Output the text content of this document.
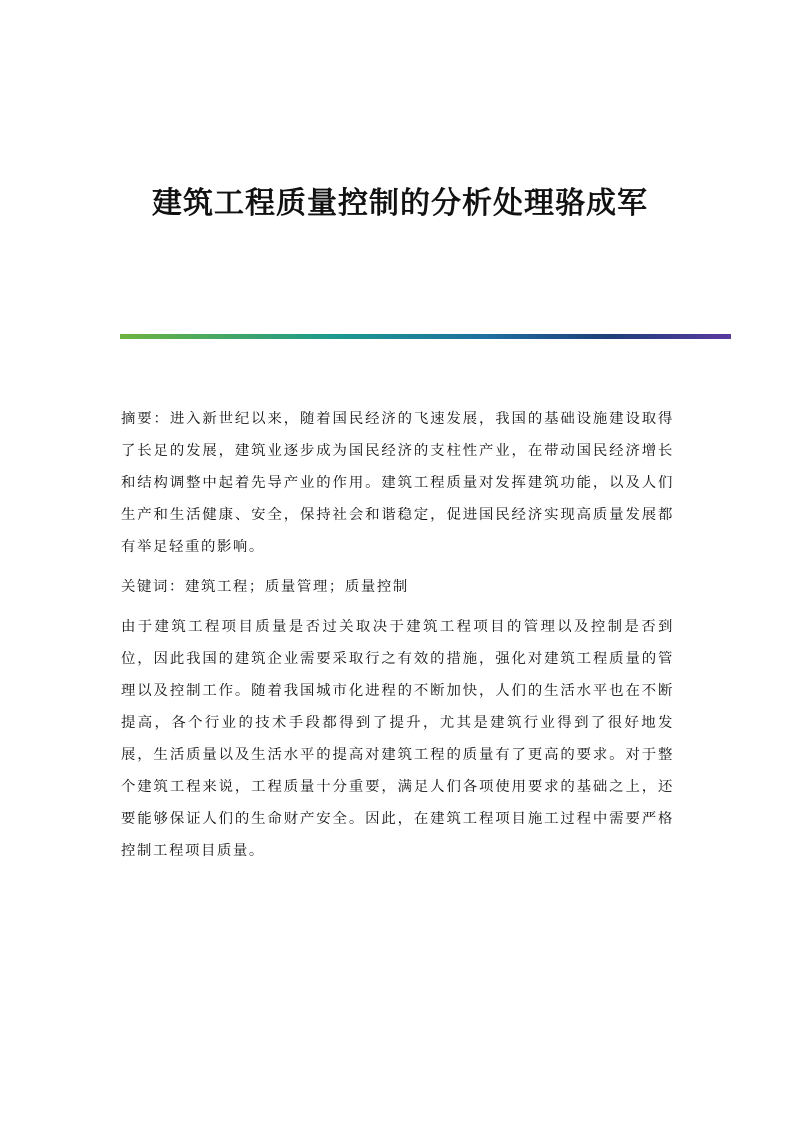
建筑工程质量控制的分析处理骆成军

摘要：进入新世纪以来，随着国民经济的飞速发展，我国的基础设施建设取得了长足的发展，建筑业逐步成为国民经济的支柱性产业，在带动国民经济增长和结构调整中起着先导产业的作用。建筑工程质量对发挥建筑功能，以及人们生产和生活健康、安全，保持社会和谐稳定，促进国民经济实现高质量发展都有举足轻重的影响。

关键词：建筑工程；质量管理；质量控制

由于建筑工程项目质量是否过关取决于建筑工程项目的管理以及控制是否到位，因此我国的建筑企业需要采取行之有效的措施，强化对建筑工程质量的管理以及控制工作。随着我国城市化进程的不断加快，人们的生活水平也在不断提高，各个行业的技术手段都得到了提升，尤其是建筑行业得到了很好地发展，生活质量以及生活水平的提高对建筑工程的质量有了更高的要求。对于整个建筑工程来说，工程质量十分重要，满足人们各项使用要求的基础之上，还要能够保证人们的生命财产安全。因此，在建筑工程项目施工过程中需要严格控制工程项目质量。
